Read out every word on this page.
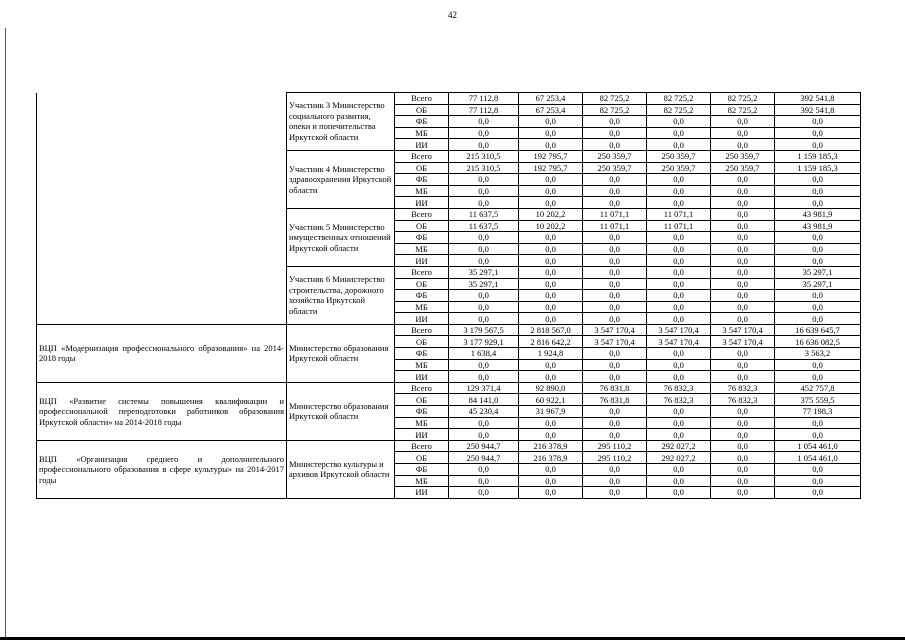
42
	Участник 3 Министерство социального развития, опеки и попечительства Иркутской области	Всего	77 112,8	67 253,4	82 725,2	82 725,2	82 725,2	392 541,8
		ОБ	77 112,8	67 253,4	82 725,2	82 725,2	82 725,2	392 541,8
		ФБ	0,0	0,0	0,0	0,0	0,0	0,0
		МБ	0,0	0,0	0,0	0,0	0,0	0,0
		ИИ	0,0	0,0	0,0	0,0	0,0	0,0
	Участник 4 Министерство здравоохранения Иркутской области	Всего	215 310,5	192 795,7	250 359,7	250 359,7	250 359,7	1 159 185,3
		ОБ	215 310,5	192 795,7	250 359,7	250 359,7	250 359,7	1 159 185,3
		ФБ	0,0	0,0	0,0	0,0	0,0	0,0
		МБ	0,0	0,0	0,0	0,0	0,0	0,0
		ИИ	0,0	0,0	0,0	0,0	0,0	0,0
	Участник 5 Министерство имущественных отношений Иркутской области	Всего	11 637,5	10 202,2	11 071,1	11 071,1	0,0	43 981,9
		ОБ	11 637,5	10 202,2	11 071,1	11 071,1	0,0	43 981,9
		ФБ	0,0	0,0	0,0	0,0	0,0	0,0
		МБ	0,0	0,0	0,0	0,0	0,0	0,0
		ИИ	0,0	0,0	0,0	0,0	0,0	0,0
	Участник 6 Министерство строительства, дорожного хозяйства Иркутской области	Всего	35 297,1	0,0	0,0	0,0	0,0	35 297,1
		ОБ	35 297,1	0,0	0,0	0,0	0,0	35 297,1
		ФБ	0,0	0,0	0,0	0,0	0,0	0,0
		МБ	0,0	0,0	0,0	0,0	0,0	0,0
		ИИ	0,0	0,0	0,0	0,0	0,0	0,0
ВЦП «Модернизация профессионального образования» на 2014-2018 годы	Министерство образования Иркутской области	Всего	3 179 567,5	2 818 567,0	3 547 170,4	3 547 170,4	3 547 170,4	16 639 645,7
		ОБ	3 177 929,1	2 816 642,2	3 547 170,4	3 547 170,4	3 547 170,4	16 636 082,5
		ФБ	1 638,4	1 924,8	0,0	0,0	0,0	3 563,2
		МБ	0,0	0,0	0,0	0,0	0,0	0,0
		ИИ	0,0	0,0	0,0	0,0	0,0	0,0
ВЦП «Развитие системы повышения квалификации и профессиональной переподготовки работников образования Иркутской области» на 2014-2018 годы	Министерство образования Иркутской области	Всего	129 371,4	92 890,0	76 831,8	76 832,3	76 832,3	452 757,8
		ОБ	84 141,0	60 922,1	76 831,8	76 832,3	76 832,3	375 559,5
		ФБ	45 230,4	31 967,9	0,0	0,0	0,0	77 198,3
		МБ	0,0	0,0	0,0	0,0	0,0	0,0
		ИИ	0,0	0,0	0,0	0,0	0,0	0,0
ВЦП «Организация среднего и дополнительного профессионального образования в сфере культуры» на 2014-2017 годы	Министерство культуры и архивов Иркутской области	Всего	250 944,7	216 378,9	295 110,2	292 027,2	0,0	1 054 461,0
		ОБ	250 944,7	216 378,9	295 110,2	292 027,2	0,0	1 054 461,0
		ФБ	0,0	0,0	0,0	0,0	0,0	0,0
		МБ	0,0	0,0	0,0	0,0	0,0	0,0
		ИИ	0,0	0,0	0,0	0,0	0,0	0,0
